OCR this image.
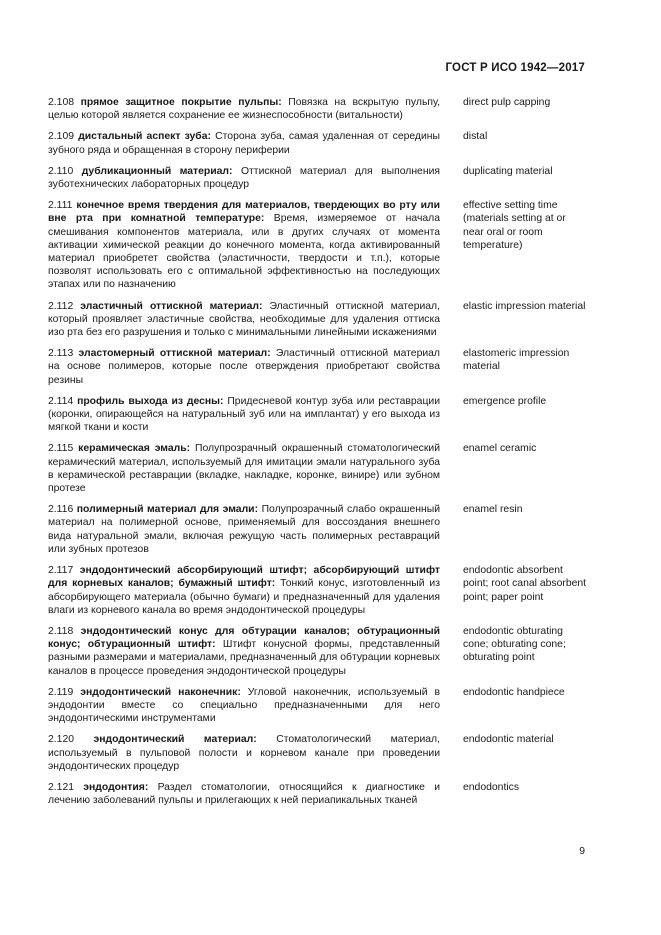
ГОСТ Р ИСО 1942—2017
2.108 прямое защитное покрытие пульпы: Повязка на вскрытую пульпу, целью которой является сохранение ее жизнеспособности (витальности)
direct pulp capping
2.109 дистальный аспект зуба: Сторона зуба, самая удаленная от середины зубного ряда и обращенная в сторону периферии
distal
2.110 дубликационный материал: Оттискной материал для выполнения зуботехнических лабораторных процедур
duplicating material
2.111 конечное время твердения для материалов, твердеющих во рту или вне рта при комнатной температуре: Время, измеряемое от начала смешивания компонентов материала, или в других случаях от момента активации химической реакции до конечного момента, когда активированный материал приобретет свойства (эластичности, твердости и т.п.), которые позволят использовать его с оптимальной эффективностью на последующих этапах или по назначению
effective setting time (materials setting at or near oral or room temperature)
2.112 эластичный оттискной материал: Эластичный оттискной материал, который проявляет эластичные свойства, необходимые для удаления оттиска изо рта без его разрушения и только с минимальными линейными искажениями
elastic impression material
2.113 эластомерный оттискной материал: Эластичный оттискной материал на основе полимеров, которые после отверждения приобретают свойства резины
elastomeric impression material
2.114 профиль выхода из десны: Придесневой контур зуба или реставрации (коронки, опирающейся на натуральный зуб или на имплантат) у его выхода из мягкой ткани и кости
emergence profile
2.115 керамическая эмаль: Полупрозрачный окрашенный стоматологический керамический материал, используемый для имитации эмали натурального зуба в керамической реставрации (вкладке, накладке, коронке, винире) или зубном протезе
enamel ceramic
2.116 полимерный материал для эмали: Полупрозрачный слабо окрашенный материал на полимерной основе, применяемый для воссоздания внешнего вида натуральной эмали, включая режущую часть полимерных реставраций или зубных протезов
enamel resin
2.117 эндодонтический абсорбирующий штифт; абсорбирующий штифт для корневых каналов; бумажный штифт: Тонкий конус, изготовленный из абсорбирующего материала (обычно бумаги) и предназначенный для удаления влаги из корневого канала во время эндодонтической процедуры
endodontic absorbent point; root canal absorbent point; paper point
2.118 эндодонтический конус для обтурации каналов; обтурационный конус; обтурационный штифт: Штифт конусной формы, представленный разными размерами и материалами, предназначенный для обтурации корневых каналов в процессе проведения эндодонтической процедуры
endodontic obturating cone; obturating cone; obturating point
2.119 эндодонтический наконечник: Угловой наконечник, используемый в эндодонтии вместе со специально предназначенными для него эндодонтическими инструментами
endodontic handpiece
2.120 эндодонтический материал: Стоматологический материал, используемый в пульповой полости и корневом канале при проведении эндодонтических процедур
endodontic material
2.121 эндодонтия: Раздел стоматологии, относящийся к диагностике и лечению заболеваний пульпы и прилегающих к ней периапикальных тканей
endodontics
9
